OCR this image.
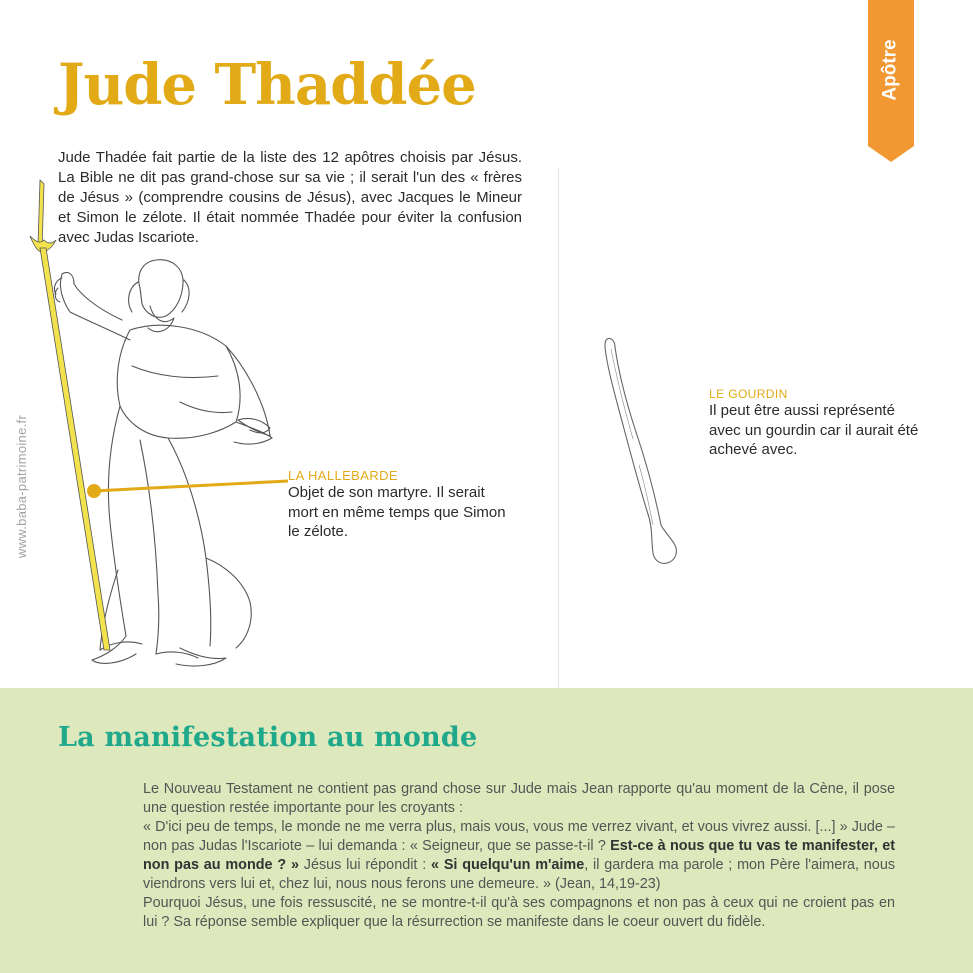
Jude Thaddée	Apôtre

Jude Thadée fait partie de la liste des 12 apôtres choisis par Jésus. La Bible ne dit pas grand-chose sur sa vie ; il serait l'un des « frères de Jésus » (comprendre cousins de Jésus), avec Jacques le Mineur et Simon le zélote. Il était nommée Thadée pour éviter la confusion avec Judas Iscariote.

www.baba-patrimoine.fr	LA HALLEBARDE
Objet de son martyre. Il serait mort en même temps que Simon le zélote.
LE GOURDIN
Il peut être aussi représenté avec un gourdin car il aurait été achevé avec.
La manifestation au monde

Le Nouveau Testament ne contient pas grand chose sur Jude mais Jean rapporte qu'au moment de la Cène, il pose une question restée importante pour les croyants :

« D'ici peu de temps, le monde ne me verra plus, mais vous, vous me verrez vivant, et vous vivrez aussi. [...] » Jude – non pas Judas l'Iscariote – lui demanda : « Seigneur, que se passe-t-il ? Est-ce à nous que tu vas te manifester, et non pas au monde ? » Jésus lui répondit : « Si quelqu'un m'aime, il gardera ma parole ; mon Père l'aimera, nous viendrons vers lui et, chez lui, nous nous ferons une demeure. » (Jean, 14,19-23)

Pourquoi Jésus, une fois ressuscité, ne se montre-t-il qu'à ses compagnons et non pas à ceux qui ne croient pas en lui ? Sa réponse semble expliquer que la résurrection se manifeste dans le coeur ouvert du fidèle.
